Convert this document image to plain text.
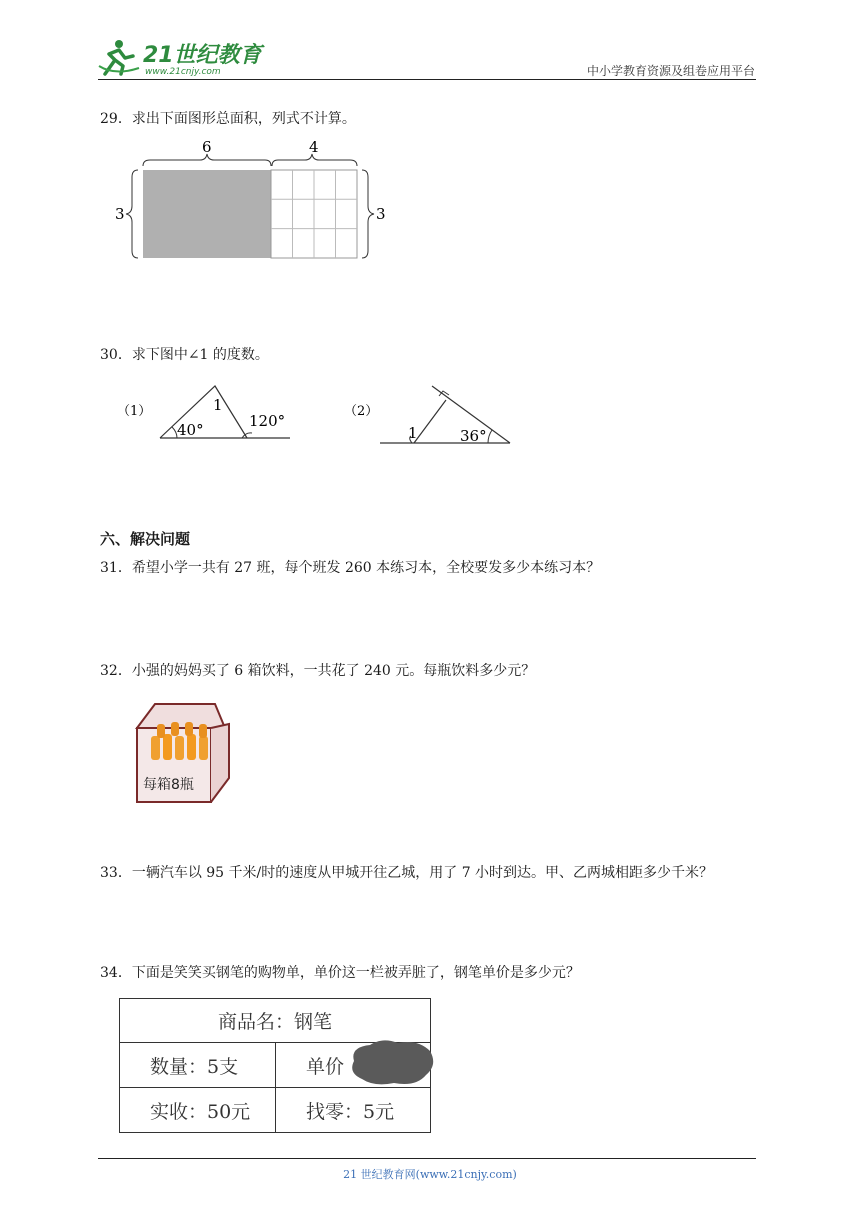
21世纪教育
www.21cnjy.com	中小学教育资源及组卷应用平台
29．求出下面图形总面积，列式不计算。
6	4
3	3
30．求下图中∠1 的度数。
（1）	1
40°	120°
（2）
1	36°
六、解决问题
31．希望小学一共有 27 班，每个班发 260 本练习本，全校要发多少本练习本？
32．小强的妈妈买了 6 箱饮料，一共花了 240 元。每瓶饮料多少元？
每箱8瓶
33．一辆汽车以 95 千米/时的速度从甲城开往乙城，用了 7 小时到达。甲、乙两城相距多少千米？
34．下面是笑笑买钢笔的购物单，单价这一栏被弄脏了，钢笔单价是多少元？
商品名：钢笔	
数量：5支	单价

实收：50元	找零：5元
21 世纪教育网(www.21cnjy.com)
